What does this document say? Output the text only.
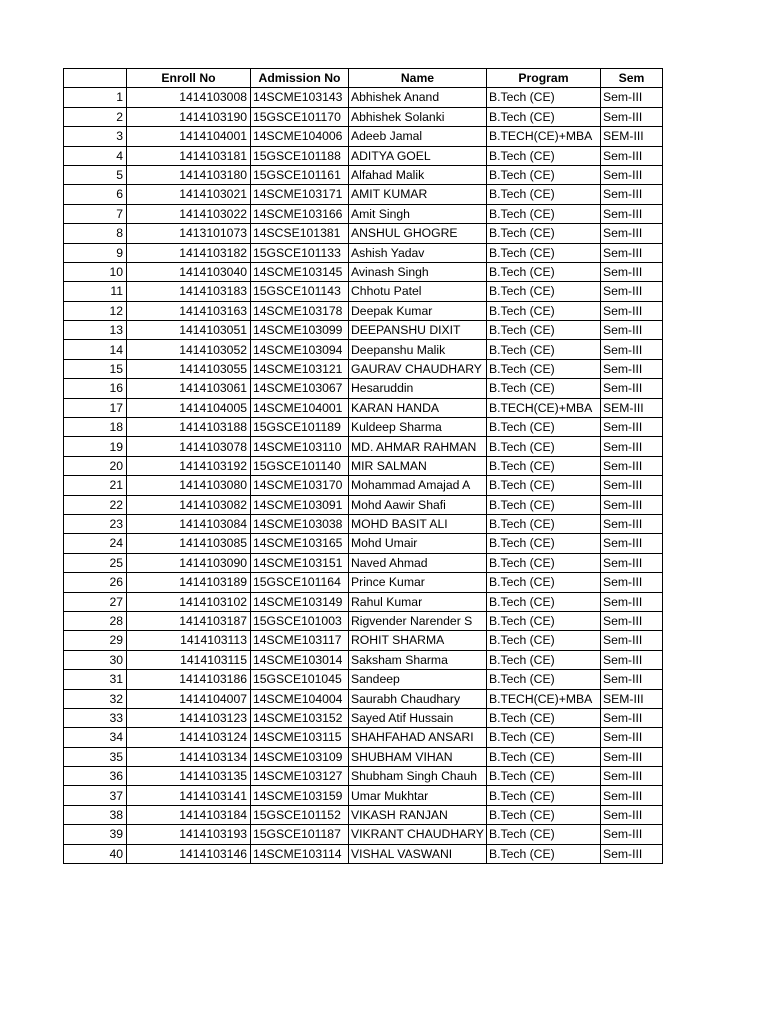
	Enroll No	Admission No	Name	Program	Sem
1	1414103008	14SCME103143	Abhishek Anand	B.Tech (CE)	Sem-III
2	1414103190	15GSCE101170	Abhishek Solanki	B.Tech (CE)	Sem-III
3	1414104001	14SCME104006	Adeeb Jamal	B.TECH(CE)+MBA	SEM-III
4	1414103181	15GSCE101188	ADITYA GOEL	B.Tech (CE)	Sem-III
5	1414103180	15GSCE101161	Alfahad Malik	B.Tech (CE)	Sem-III
6	1414103021	14SCME103171	AMIT KUMAR	B.Tech (CE)	Sem-III
7	1414103022	14SCME103166	Amit Singh	B.Tech (CE)	Sem-III
8	1413101073	14SCSE101381	ANSHUL GHOGRE	B.Tech (CE)	Sem-III
9	1414103182	15GSCE101133	Ashish Yadav	B.Tech (CE)	Sem-III
10	1414103040	14SCME103145	Avinash Singh	B.Tech (CE)	Sem-III
11	1414103183	15GSCE101143	Chhotu Patel	B.Tech (CE)	Sem-III
12	1414103163	14SCME103178	Deepak Kumar	B.Tech (CE)	Sem-III
13	1414103051	14SCME103099	DEEPANSHU DIXIT	B.Tech (CE)	Sem-III
14	1414103052	14SCME103094	Deepanshu Malik	B.Tech (CE)	Sem-III
15	1414103055	14SCME103121	GAURAV CHAUDHARY	B.Tech (CE)	Sem-III
16	1414103061	14SCME103067	Hesaruddin	B.Tech (CE)	Sem-III
17	1414104005	14SCME104001	KARAN HANDA	B.TECH(CE)+MBA	SEM-III
18	1414103188	15GSCE101189	Kuldeep Sharma	B.Tech (CE)	Sem-III
19	1414103078	14SCME103110	MD. AHMAR RAHMAN	B.Tech (CE)	Sem-III
20	1414103192	15GSCE101140	MIR SALMAN	B.Tech (CE)	Sem-III
21	1414103080	14SCME103170	Mohammad Amajad A	B.Tech (CE)	Sem-III
22	1414103082	14SCME103091	Mohd Aawir Shafi	B.Tech (CE)	Sem-III
23	1414103084	14SCME103038	MOHD BASIT ALI	B.Tech (CE)	Sem-III
24	1414103085	14SCME103165	Mohd Umair	B.Tech (CE)	Sem-III
25	1414103090	14SCME103151	Naved Ahmad	B.Tech (CE)	Sem-III
26	1414103189	15GSCE101164	Prince Kumar	B.Tech (CE)	Sem-III
27	1414103102	14SCME103149	Rahul Kumar	B.Tech (CE)	Sem-III
28	1414103187	15GSCE101003	Rigvender Narender S	B.Tech (CE)	Sem-III
29	1414103113	14SCME103117	ROHIT SHARMA	B.Tech (CE)	Sem-III
30	1414103115	14SCME103014	Saksham Sharma	B.Tech (CE)	Sem-III
31	1414103186	15GSCE101045	Sandeep	B.Tech (CE)	Sem-III
32	1414104007	14SCME104004	Saurabh Chaudhary	B.TECH(CE)+MBA	SEM-III
33	1414103123	14SCME103152	Sayed Atif Hussain	B.Tech (CE)	Sem-III
34	1414103124	14SCME103115	SHAHFAHAD ANSARI	B.Tech (CE)	Sem-III
35	1414103134	14SCME103109	SHUBHAM VIHAN	B.Tech (CE)	Sem-III
36	1414103135	14SCME103127	Shubham Singh Chauh	B.Tech (CE)	Sem-III
37	1414103141	14SCME103159	Umar Mukhtar	B.Tech (CE)	Sem-III
38	1414103184	15GSCE101152	VIKASH RANJAN	B.Tech (CE)	Sem-III
39	1414103193	15GSCE101187	VIKRANT CHAUDHARY	B.Tech (CE)	Sem-III
40	1414103146	14SCME103114	VISHAL VASWANI	B.Tech (CE)	Sem-III
